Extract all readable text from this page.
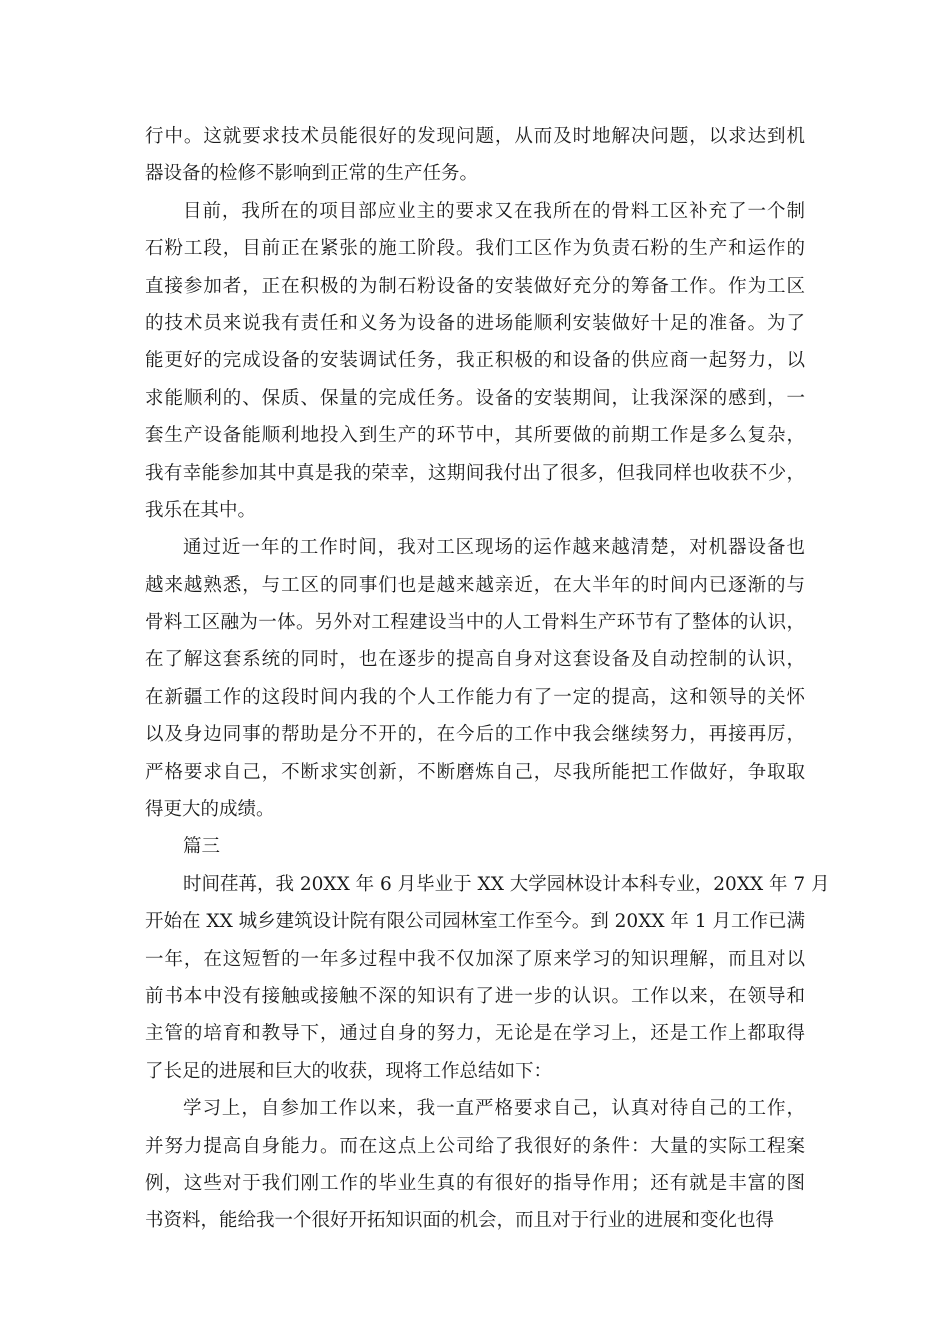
行中。这就要求技术员能很好的发现问题，从而及时地解决问题，以求达到机
器设备的检修不影响到正常的生产任务。
目前，我所在的项目部应业主的要求又在我所在的骨料工区补充了一个制
石粉工段，目前正在紧张的施工阶段。我们工区作为负责石粉的生产和运作的
直接参加者，正在积极的为制石粉设备的安装做好充分的筹备工作。作为工区
的技术员来说我有责任和义务为设备的进场能顺利安装做好十足的准备。为了
能更好的完成设备的安装调试任务，我正积极的和设备的供应商一起努力，以
求能顺利的、保质、保量的完成任务。设备的安装期间，让我深深的感到，一
套生产设备能顺利地投入到生产的环节中，其所要做的前期工作是多么复杂，
我有幸能参加其中真是我的荣幸，这期间我付出了很多，但我同样也收获不少，
我乐在其中。
通过近一年的工作时间，我对工区现场的运作越来越清楚，对机器设备也
越来越熟悉，与工区的同事们也是越来越亲近，在大半年的时间内已逐渐的与
骨料工区融为一体。另外对工程建设当中的人工骨料生产环节有了整体的认识，
在了解这套系统的同时，也在逐步的提高自身对这套设备及自动控制的认识，
在新疆工作的这段时间内我的个人工作能力有了一定的提高，这和领导的关怀
以及身边同事的帮助是分不开的，在今后的工作中我会继续努力，再接再厉，
严格要求自己，不断求实创新，不断磨炼自己，尽我所能把工作做好，争取取
得更大的成绩。
篇三
时间荏苒，我 20XX 年 6 月毕业于 XX 大学园林设计本科专业，20XX 年 7 月
开始在 XX 城乡建筑设计院有限公司园林室工作至今。到 20XX 年 1 月工作已满
一年，在这短暂的一年多过程中我不仅加深了原来学习的知识理解，而且对以
前书本中没有接触或接触不深的知识有了进一步的认识。工作以来，在领导和
主管的培育和教导下，通过自身的努力，无论是在学习上，还是工作上都取得
了长足的进展和巨大的收获，现将工作总结如下：
学习上，自参加工作以来，我一直严格要求自己，认真对待自己的工作，
并努力提高自身能力。而在这点上公司给了我很好的条件：大量的实际工程案
例，这些对于我们刚工作的毕业生真的有很好的指导作用；还有就是丰富的图
书资料，能给我一个很好开拓知识面的机会，而且对于行业的进展和变化也得
